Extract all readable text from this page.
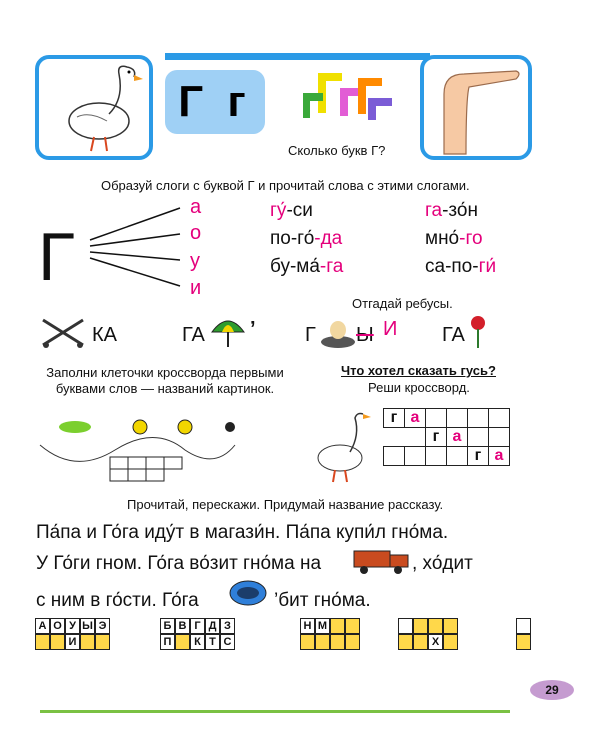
Г г
Сколько букв Г?
Образуй слоги с буквой Г и прочитай слова с этими слогами.
Г
а
о
у
и
гу́-си
по-го́-да
бу-ма́-га
га-зо́н
мно́-го
са-по-ги́
Отгадай ребусы.
КА	ГА ’ Г Ы И ГА
Заполни клеточки кроссворда первыми буквами слов — названий картинок.
Что хотел сказать гусь?
Реши кроссворд.
г	а				
		г	а		
				г	а
Прочитай, перескажи. Придумай название рассказу.
Па́па и Го́га иду́т в магази́н. Па́па купи́л гно́ма.
У Го́ги гном. Го́га во́зит гно́ма на	, хо́дит
с ним в го́сти. Го́га	’бит гно́ма.
А О У Ы Э
И
Б В Г Д З
П	К Т С
Н М
Х
29
